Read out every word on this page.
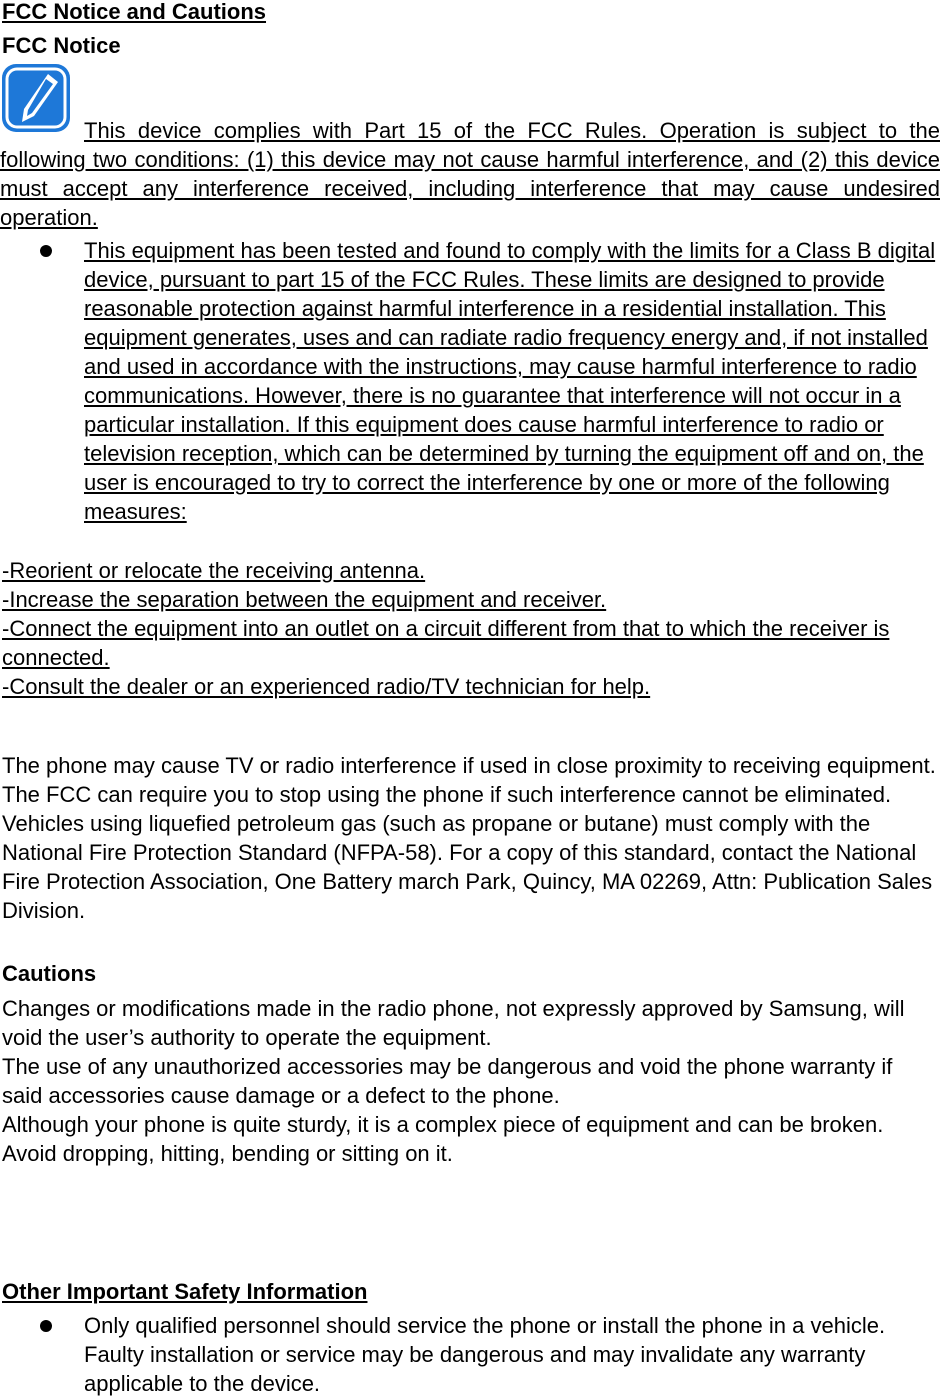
FCC Notice and Cautions
FCC Notice

This device complies with Part 15 of the FCC Rules. Operation is subject to the following two conditions: (1) this device may not cause harmful interference, and (2) this device must accept any interference received, including interference that may cause undesired operation.

This equipment has been tested and found to comply with the limits for a Class B digital device, pursuant to part 15 of the FCC Rules. These limits are designed to provide reasonable protection against harmful interference in a residential installation. This equipment generates, uses and can radiate radio frequency energy and, if not installed and used in accordance with the instructions, may cause harmful interference to radio communications. However, there is no guarantee that interference will not occur in a particular installation. If this equipment does cause harmful interference to radio or television reception, which can be determined by turning the equipment off and on, the user is encouraged to try to correct the interference by one or more of the following measures:

-Reorient or relocate the receiving antenna.

-Increase the separation between the equipment and receiver.

-Connect the equipment into an outlet on a circuit different from that to which the receiver is connected.

-Consult the dealer or an experienced radio/TV technician for help.

The phone may cause TV or radio interference if used in close proximity to receiving equipment. The FCC can require you to stop using the phone if such interference cannot be eliminated.

Vehicles using liquefied petroleum gas (such as propane or butane) must comply with the National Fire Protection Standard (NFPA-58). For a copy of this standard, contact the National Fire Protection Association, One Battery march Park, Quincy, MA 02269, Attn: Publication Sales Division.

Cautions

Changes or modifications made in the radio phone, not expressly approved by Samsung, will void the user’s authority to operate the equipment.

The use of any unauthorized accessories may be dangerous and void the phone warranty if said accessories cause damage or a defect to the phone.

Although your phone is quite sturdy, it is a complex piece of equipment and can be broken. Avoid dropping, hitting, bending or sitting on it.

Other Important Safety Information
Only qualified personnel should service the phone or install the phone in a vehicle. Faulty installation or service may be dangerous and may invalidate any warranty applicable to the device.
